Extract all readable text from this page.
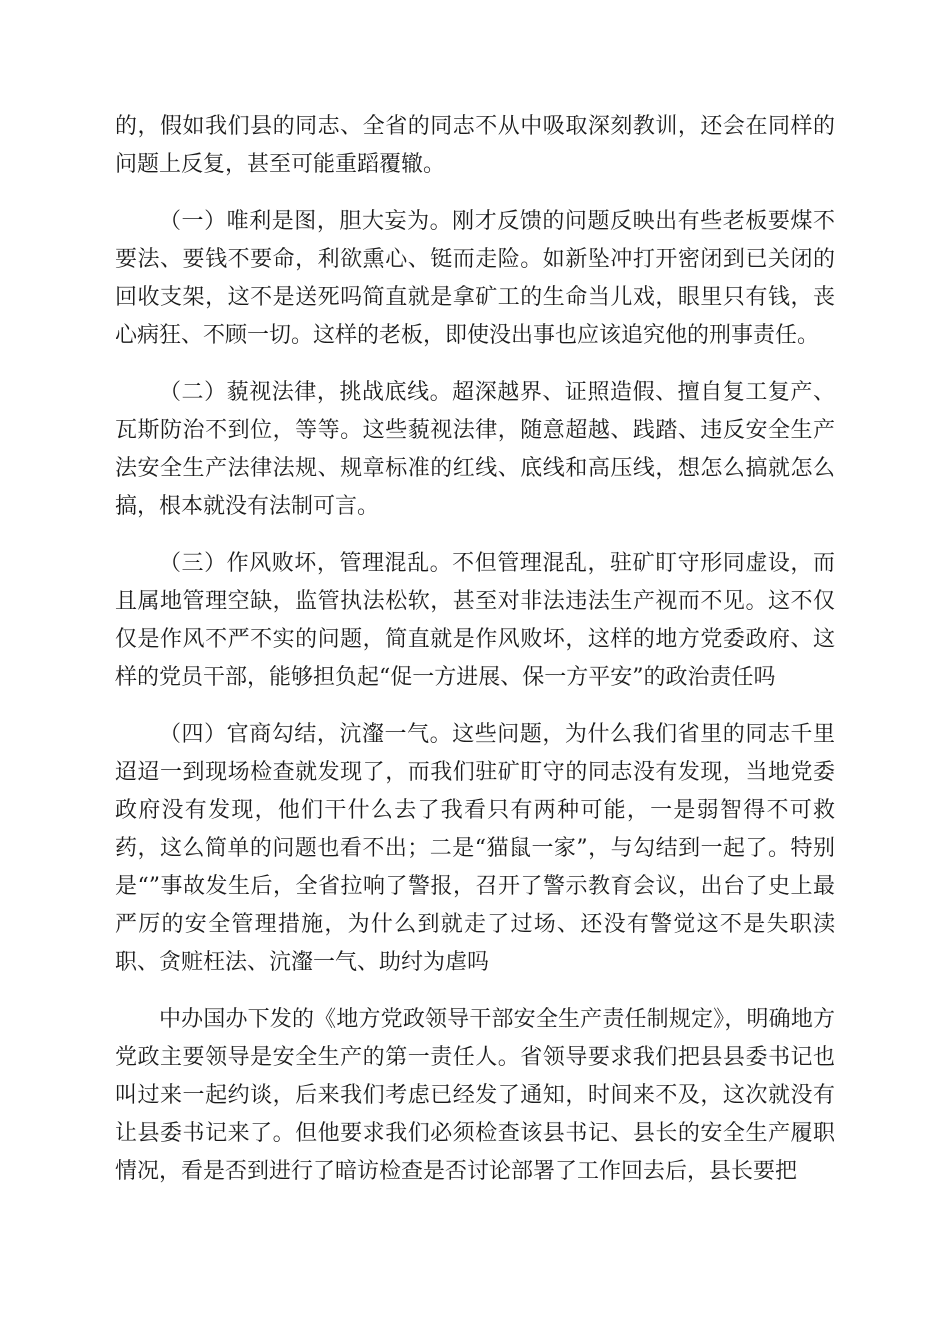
的，假如我们县的同志、全省的同志不从中吸取深刻教训，还会在同样的问题上反复，甚至可能重蹈覆辙。

（一）唯利是图，胆大妄为。刚才反馈的问题反映出有些老板要煤不要法、要钱不要命，利欲熏心、铤而走险。如新坠冲打开密闭到已关闭的回收支架，这不是送死吗简直就是拿矿工的生命当儿戏，眼里只有钱，丧心病狂、不顾一切。这样的老板，即使没出事也应该追究他的刑事责任。

（二）藐视法律，挑战底线。超深越界、证照造假、擅自复工复产、瓦斯防治不到位，等等。这些藐视法律，随意超越、践踏、违反安全生产法安全生产法律法规、规章标准的红线、底线和高压线，想怎么搞就怎么搞，根本就没有法制可言。

（三）作风败坏，管理混乱。不但管理混乱，驻矿盯守形同虚设，而且属地管理空缺，监管执法松软，甚至对非法违法生产视而不见。这不仅仅是作风不严不实的问题，简直就是作风败坏，这样的地方党委政府、这样的党员干部，能够担负起“促一方进展、保一方平安”的政治责任吗

（四）官商勾结，沆瀣一气。这些问题，为什么我们省里的同志千里迢迢一到现场检查就发现了，而我们驻矿盯守的同志没有发现，当地党委政府没有发现，他们干什么去了我看只有两种可能，一是弱智得不可救药，这么简单的问题也看不出；二是“猫鼠一家”，与勾结到一起了。特别是“”事故发生后，全省拉响了警报，召开了警示教育会议，出台了史上最严厉的安全管理措施，为什么到就走了过场、还没有警觉这不是失职渎职、贪赃枉法、沆瀣一气、助纣为虐吗

中办国办下发的《地方党政领导干部安全生产责任制规定》，明确地方党政主要领导是安全生产的第一责任人。省领导要求我们把县县委书记也叫过来一起约谈，后来我们考虑已经发了通知，时间来不及，这次就没有让县委书记来了。但他要求我们必须检查该县书记、县长的安全生产履职情况，看是否到进行了暗访检查是否讨论部署了工作回去后，县长要把
